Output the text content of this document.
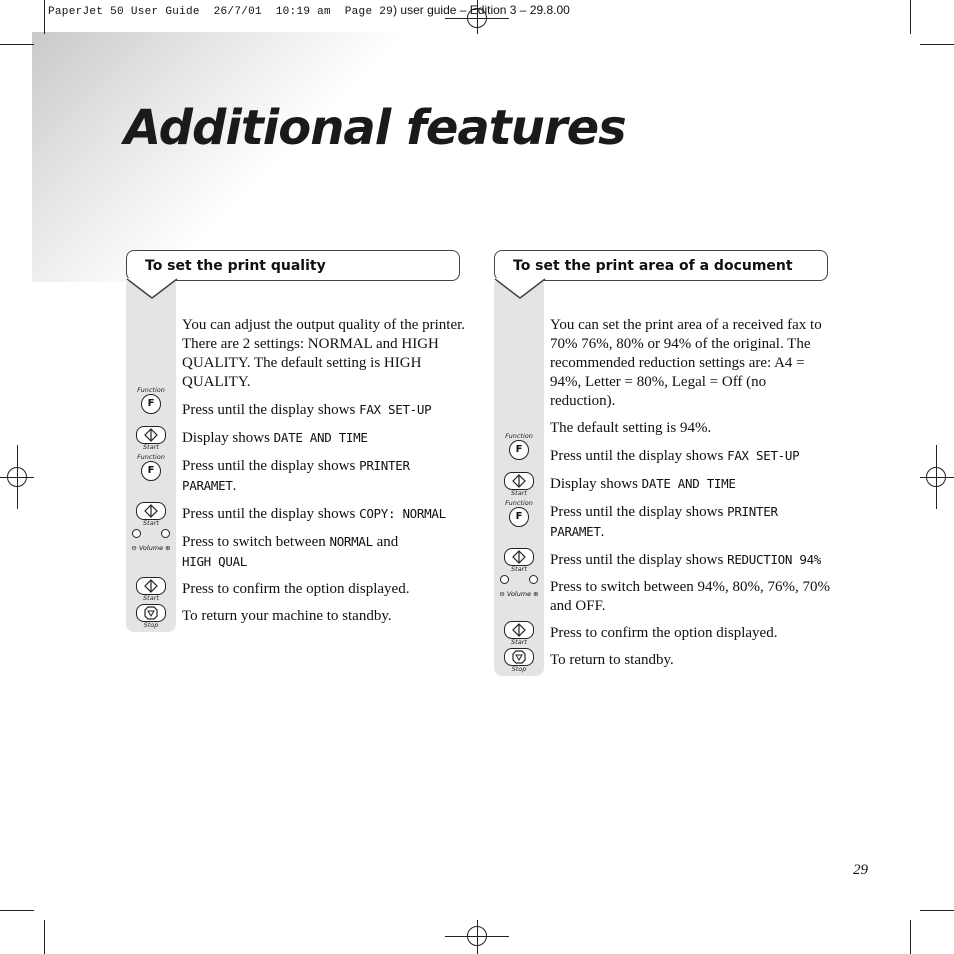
PaperJet 50 User Guide  26/7/01  10:19 am  Page 29) user guide – Edition 3 – 29.8.00
Additional features
To set the print quality

You can adjust the output quality of the printer. There are 2 settings: NORMAL and HIGH QUALITY. The default setting is HIGH QUALITY.

Function
F	Press until the display shows FAX SET-UP
Start
Display shows DATE AND TIME
Function
F	Press until the display shows PRINTER PARAMET.
Start
Press until the display shows COPY: NORMAL
⊖ Volume ⊕ Press to switch between NORMAL and
HIGH QUAL
Start
Press to confirm the option displayed.
Stop
To return your machine to standby.
To set the print area of a document

You can set the print area of a received fax to 70% 76%, 80% or 94% of the original. The recommended reduction settings are: A4 = 94%, Letter = 80%, Legal = Off (no reduction).

The default setting is 94%.

Function
F	Press until the display shows FAX SET-UP
Start
Display shows DATE AND TIME
Function
F	Press until the display shows PRINTER PARAMET.
Start
Press until the display shows REDUCTION 94%
⊖ Volume ⊕ Press to switch between 94%, 80%, 76%, 70% and OFF.
Start
Press to confirm the option displayed.
Stop
To return to standby.
29
